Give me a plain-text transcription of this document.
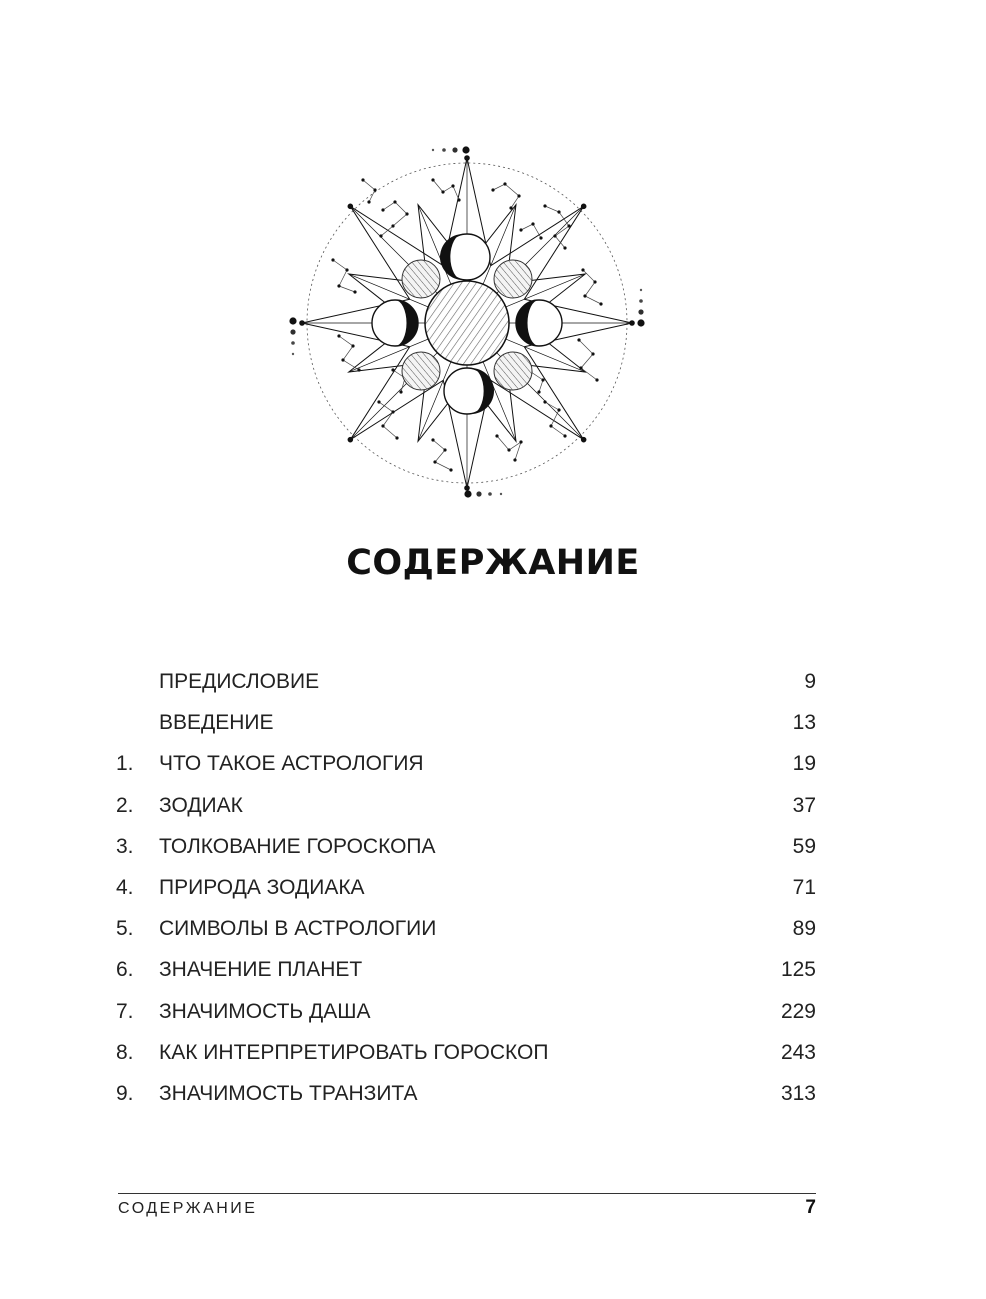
СОДЕРЖАНИЕ
ПРЕДИСЛОВИЕ	9
ВВЕДЕНИЕ	13
1. ЧТО ТАКОЕ АСТРОЛОГИЯ	19
2. ЗОДИАК	37
3. ТОЛКОВАНИЕ ГОРОСКОПА	59
4. ПРИРОДА ЗОДИАКА	71
5. СИМВОЛЫ В АСТРОЛОГИИ	89
6. ЗНАЧЕНИЕ ПЛАНЕТ	125
7. ЗНАЧИМОСТЬ ДАША	229
8. КАК ИНТЕРПРЕТИРОВАТЬ ГОРОСКОП	243
9. ЗНАЧИМОСТЬ ТРАНЗИТА	313
СОДЕРЖАНИЕ	7
